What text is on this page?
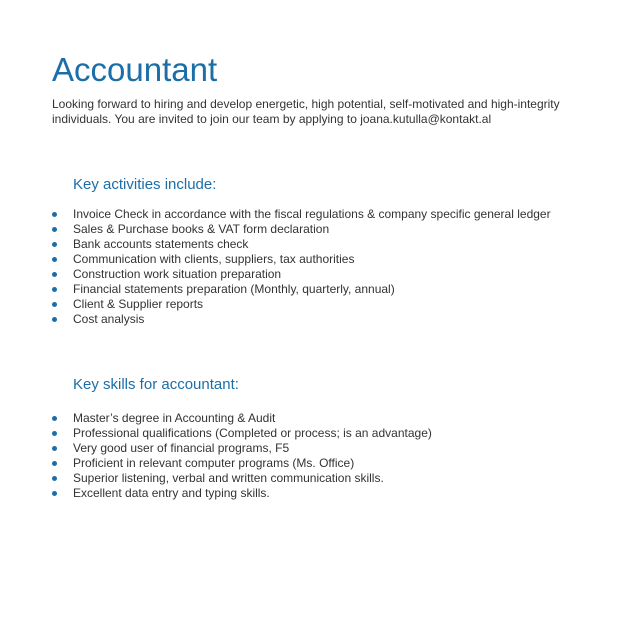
Accountant

Looking forward to hiring and develop energetic, high potential, self-motivated and high-integrity individuals. You are invited to join our team by applying to joana.kutulla@kontakt.al

Key activities include:
Invoice Check in accordance with the fiscal regulations & company specific general ledger
Sales & Purchase books & VAT form declaration
Bank accounts statements check
Communication with clients, suppliers, tax authorities
Construction work situation preparation
Financial statements preparation (Monthly, quarterly, annual)
Client & Supplier reports
Cost analysis
Key skills for accountant:
Master’s degree in Accounting & Audit
Professional qualifications (Completed or process; is an advantage)
Very good user of financial programs, F5
Proficient in relevant computer programs (Ms. Office)
Superior listening, verbal and written communication skills.
Excellent data entry and typing skills.
